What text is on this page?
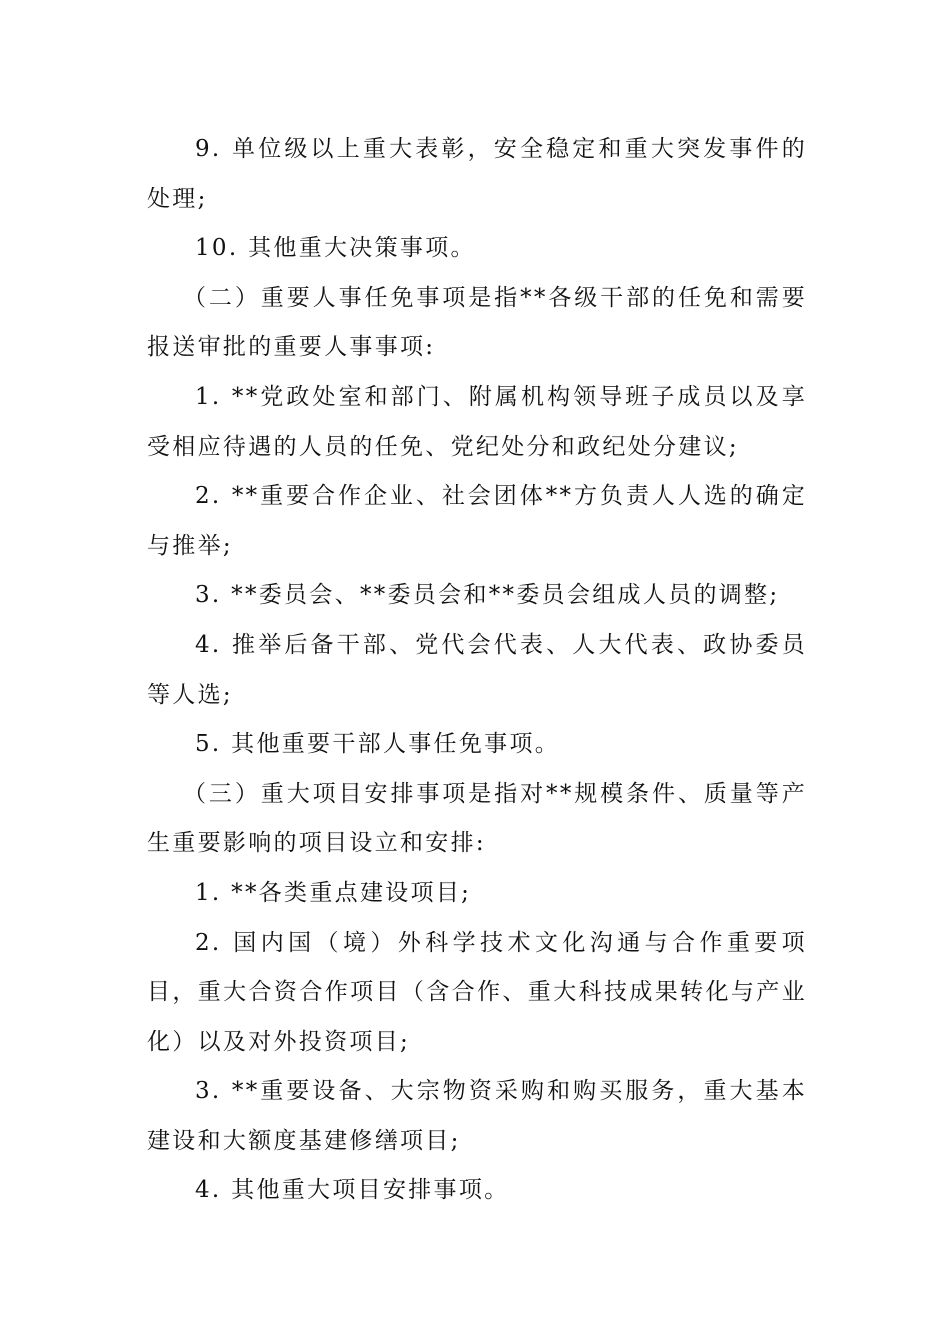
9. 单位级以上重大表彰，安全稳定和重大突发事件的处理;

10. 其他重大决策事项。

（二）重要人事任免事项是指**各级干部的任免和需要报送审批的重要人事事项:

1. **党政处室和部门、附属机构领导班子成员以及享受相应待遇的人员的任免、党纪处分和政纪处分建议;

2. **重要合作企业、社会团体**方负责人人选的确定与推举;

3. **委员会、**委员会和**委员会组成人员的调整;

4. 推举后备干部、党代会代表、人大代表、政协委员等人选;

5. 其他重要干部人事任免事项。

（三）重大项目安排事项是指对**规模条件、质量等产生重要影响的项目设立和安排:

1. **各类重点建设项目;

2. 国内国（境）外科学技术文化沟通与合作重要项目，重大合资合作项目（含合作、重大科技成果转化与产业化）以及对外投资项目;

3. **重要设备、大宗物资采购和购买服务，重大基本建设和大额度基建修缮项目;

4. 其他重大项目安排事项。
